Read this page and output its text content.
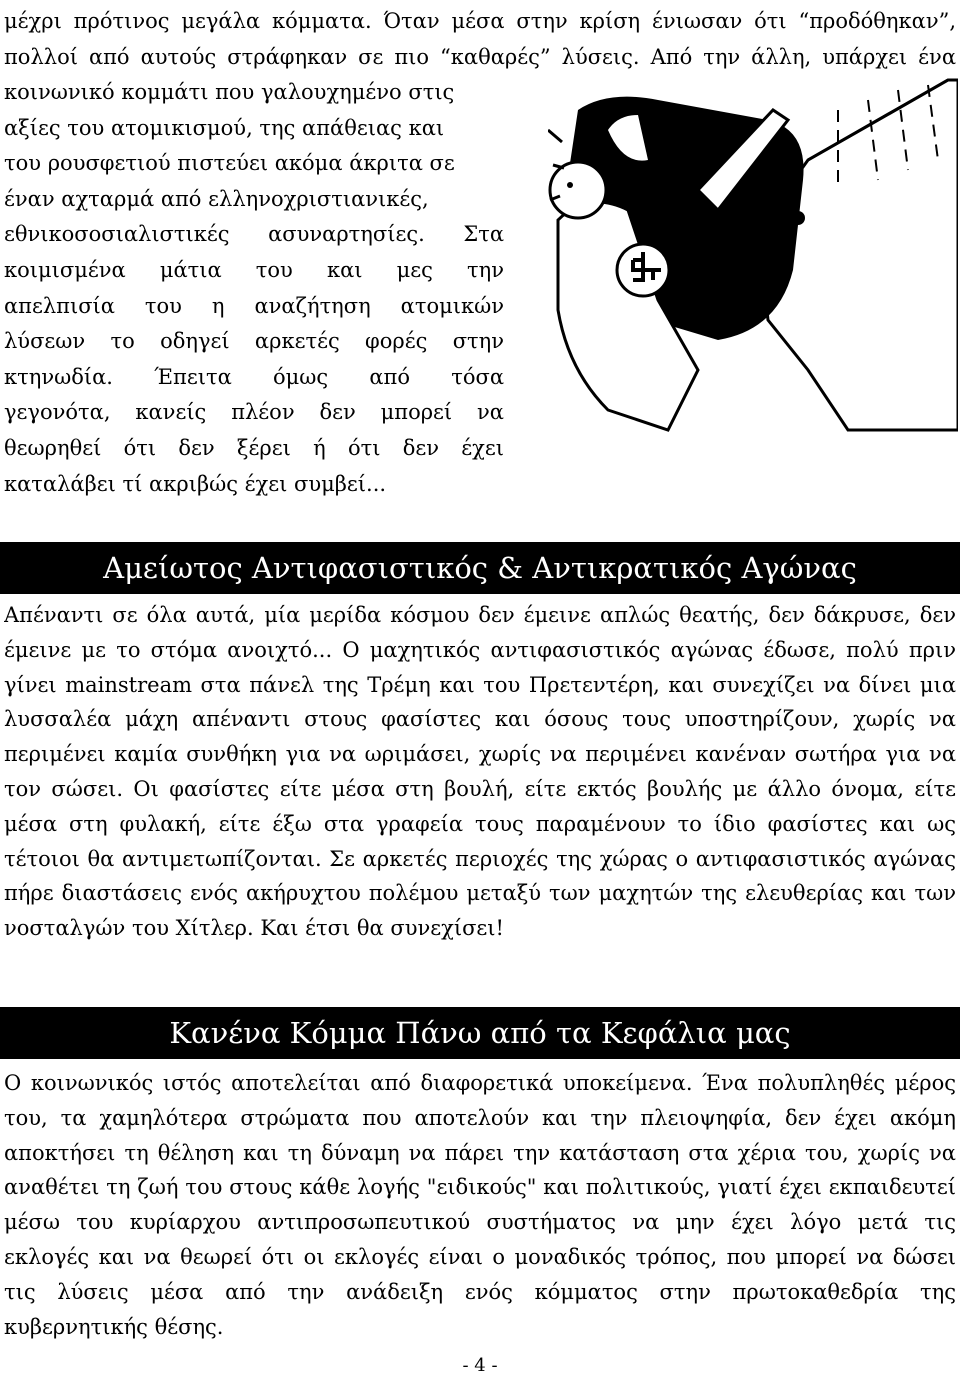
μέχρι πρότινος μεγάλα κόμματα. Όταν μέσα στην κρίση ένιωσαν ότι “προδόθηκαν”,
πολλοί από αυτούς στράφηκαν σε πιο “καθαρές” λύσεις. Από την άλλη, υπάρχει ένα
κοινωνικό κομμάτι που γαλουχημένο στις
αξίες του ατομικισμού, της απάθειας και
του ρουσφετιού πιστεύει ακόμα άκριτα σε
έναν αχταρμά από ελληνοχριστιανικές,
εθνικοσοσιαλιστικές ασυναρτησίες. Στα
κοιμισμένα μάτια του και μες την
απελπισία του η αναζήτηση ατομικών
λύσεων το οδηγεί αρκετές φορές στην
κτηνωδία. Έπειτα όμως από τόσα
γεγονότα, κανείς πλέον δεν μπορεί να
θεωρηθεί ότι δεν ξέρει ή ότι δεν έχει
καταλάβει τί ακριβώς έχει συμβεί...
Αμείωτος Αντιφασιστικός & Αντικρατικός Αγώνας
Απέναντι σε όλα αυτά, μία μερίδα κόσμου δεν έμεινε απλώς θεατής, δεν δάκρυσε, δεν
έμεινε με το στόμα ανοιχτό... Ο μαχητικός αντιφασιστικός αγώνας έδωσε, πολύ πριν
γίνει mainstream στα πάνελ της Τρέμη και του Πρετεντέρη, και συνεχίζει να δίνει μια
λυσσαλέα μάχη απέναντι στους φασίστες και όσους τους υποστηρίζουν, χωρίς να
περιμένει καμία συνθήκη για να ωριμάσει, χωρίς να περιμένει κανέναν σωτήρα για να
τον σώσει. Οι φασίστες είτε μέσα στη βουλή, είτε εκτός βουλής με άλλο όνομα, είτε
μέσα στη φυλακή, είτε έξω στα γραφεία τους παραμένουν το ίδιο φασίστες και ως
τέτοιοι θα αντιμετωπίζονται. Σε αρκετές περιοχές της χώρας ο αντιφασιστικός αγώνας
πήρε διαστάσεις ενός ακήρυχτου πολέμου μεταξύ των μαχητών της ελευθερίας και των
νοσταλγών του Χίτλερ. Και έτσι θα συνεχίσει!
Κανένα Κόμμα Πάνω από τα Κεφάλια μας
Ο κοινωνικός ιστός αποτελείται από διαφορετικά υποκείμενα. Ένα πολυπληθές μέρος
του, τα χαμηλότερα στρώματα που αποτελούν και την πλειοψηφία, δεν έχει ακόμη
αποκτήσει τη θέληση και τη δύναμη να πάρει την κατάσταση στα χέρια του, χωρίς να
αναθέτει τη ζωή του στους κάθε λογής "ειδικούς" και πολιτικούς, γιατί έχει εκπαιδευτεί
μέσω του κυρίαρχου αντιπροσωπευτικού συστήματος να μην έχει λόγο μετά τις
εκλογές και να θεωρεί ότι οι εκλογές είναι ο μοναδικός τρόπος, που μπορεί να δώσει
τις λύσεις μέσα από την ανάδειξη ενός κόμματος στην πρωτοκαθεδρία της
κυβερνητικής θέσης.
- 4 -
